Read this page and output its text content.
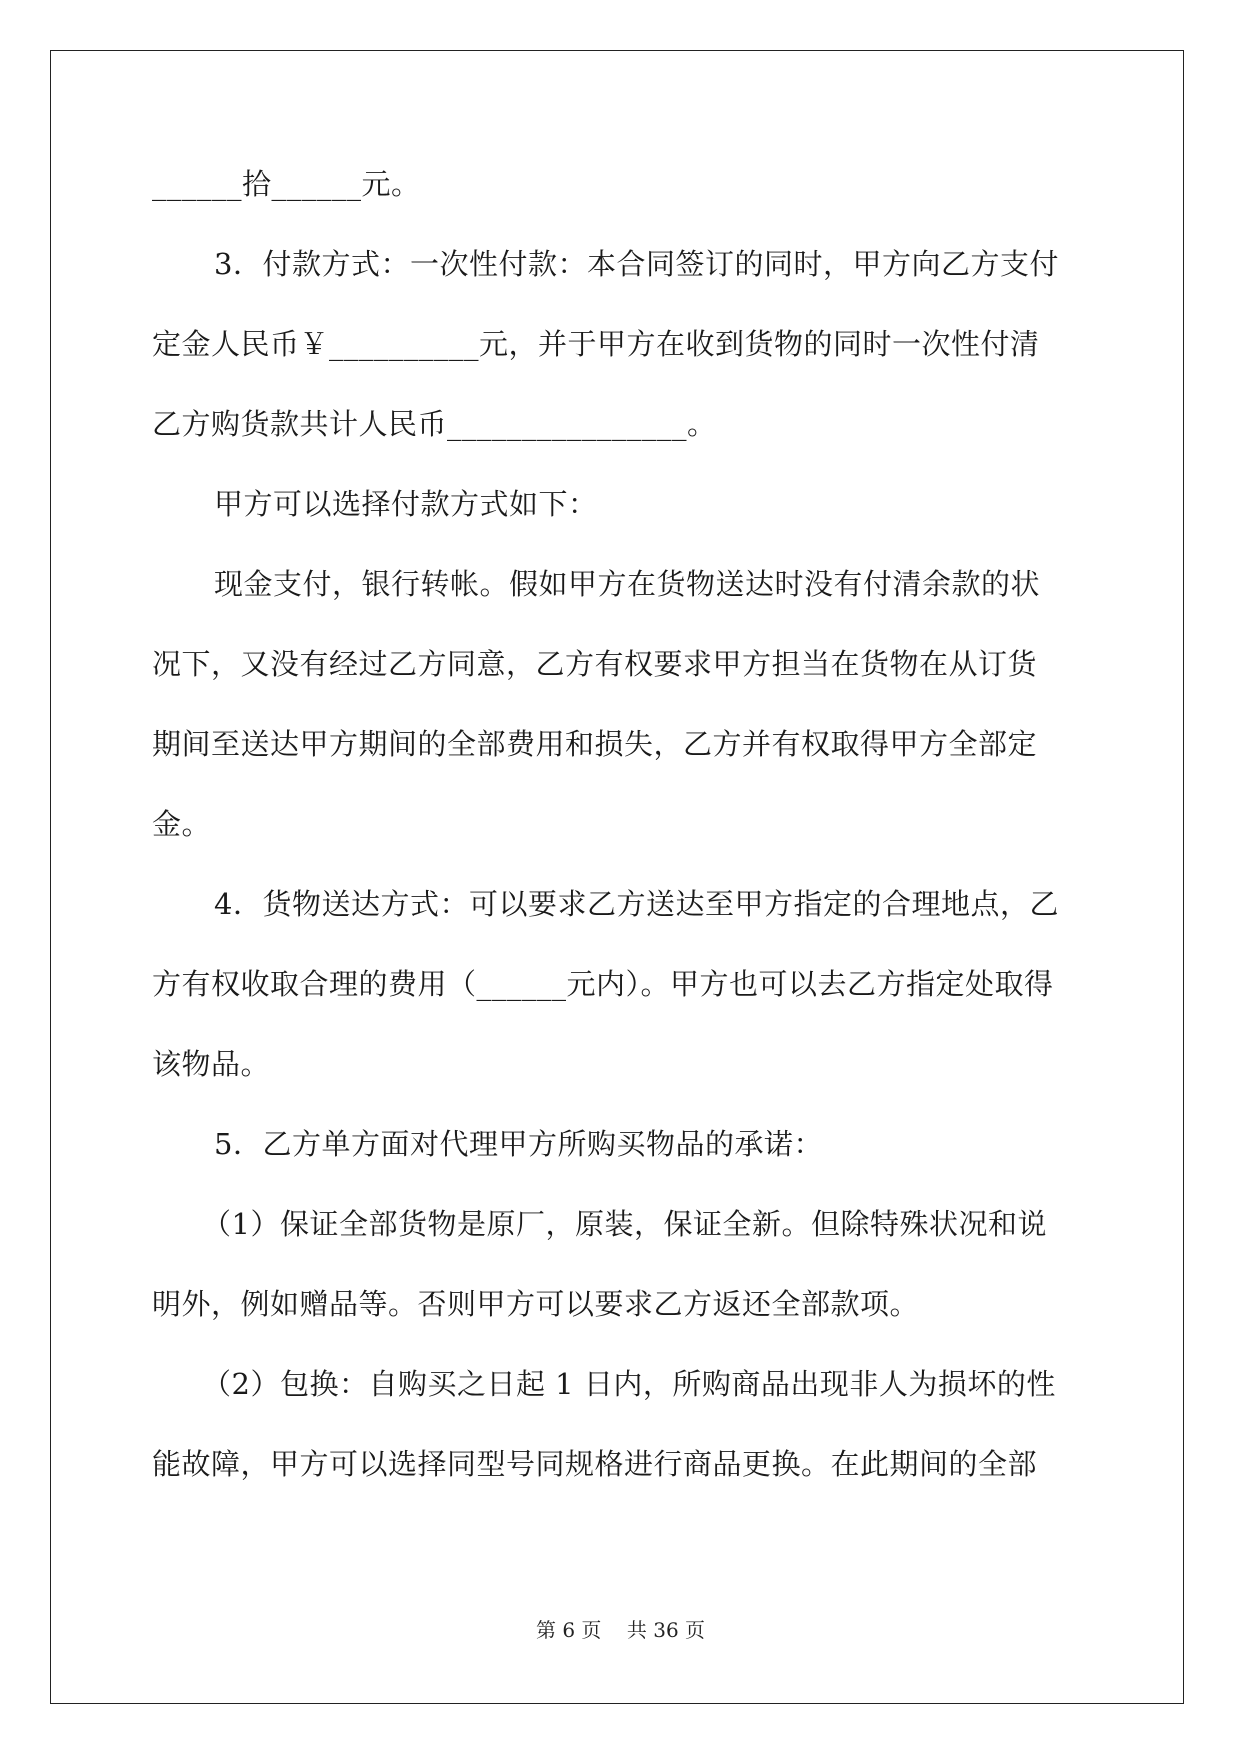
______拾______元。
3．付款方式：一次性付款：本合同签订的同时，甲方向乙方支付
定金人民币￥__________元，并于甲方在收到货物的同时一次性付清
乙方购货款共计人民币________________。
甲方可以选择付款方式如下：
现金支付，银行转帐。假如甲方在货物送达时没有付清余款的状
况下，又没有经过乙方同意，乙方有权要求甲方担当在货物在从订货
期间至送达甲方期间的全部费用和损失，乙方并有权取得甲方全部定
金。
4．货物送达方式：可以要求乙方送达至甲方指定的合理地点，乙
方有权收取合理的费用（______元内）。甲方也可以去乙方指定处取得
该物品。
5．乙方单方面对代理甲方所购买物品的承诺：
（1）保证全部货物是原厂，原装，保证全新。但除特殊状况和说
明外，例如赠品等。否则甲方可以要求乙方返还全部款项。
（2）包换：自购买之日起 1 日内，所购商品出现非人为损坏的性
能故障，甲方可以选择同型号同规格进行商品更换。在此期间的全部
第 6 页 共 36 页
